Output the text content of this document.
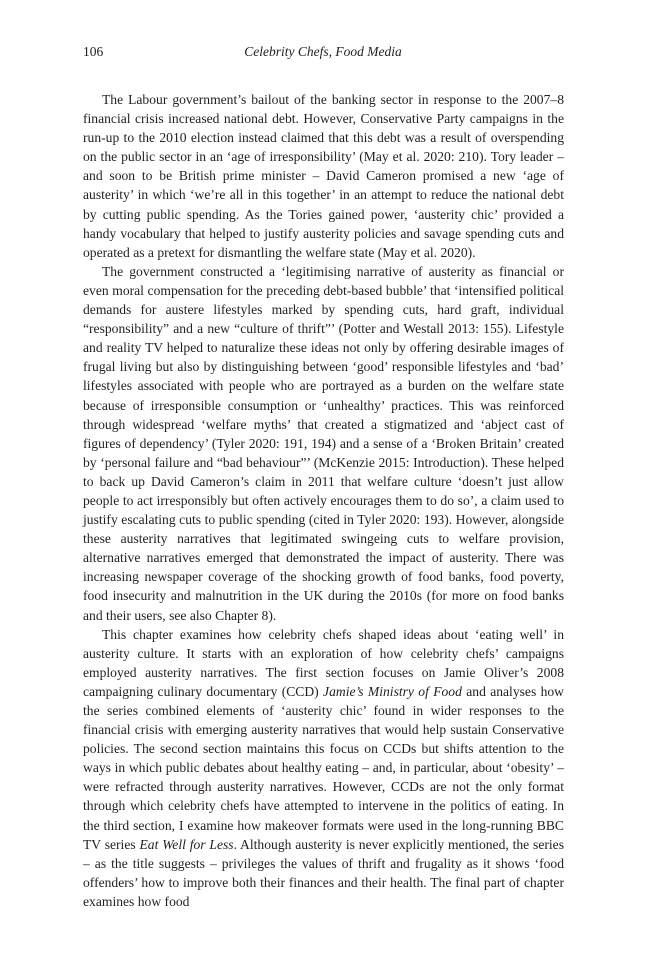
106	Celebrity Chefs, Food Media

The Labour government’s bailout of the banking sector in response to the 2007–8 financial crisis increased national debt. However, Conservative Party campaigns in the run-up to the 2010 election instead claimed that this debt was a result of overspending on the public sector in an ‘age of irresponsibility’ (May et al. 2020: 210). Tory leader – and soon to be British prime minister – David Cameron promised a new ‘age of austerity’ in which ‘we’re all in this together’ in an attempt to reduce the national debt by cutting public spending. As the Tories gained power, ‘austerity chic’ provided a handy vocabulary that helped to justify austerity policies and savage spending cuts and operated as a pretext for dismantling the welfare state (May et al. 2020).

The government constructed a ‘legitimising narrative of austerity as financial or even moral compensation for the preceding debt-based bubble’ that ‘intensified political demands for austere lifestyles marked by spending cuts, hard graft, individual “responsibility” and a new “culture of thrift”’ (Potter and Westall 2013: 155). Lifestyle and reality TV helped to naturalize these ideas not only by offering desirable images of frugal living but also by distinguishing between ‘good’ responsible lifestyles and ‘bad’ lifestyles associated with people who are portrayed as a burden on the welfare state because of irresponsible consumption or ‘unhealthy’ practices. This was reinforced through widespread ‘welfare myths’ that created a stigmatized and ‘abject cast of figures of dependency’ (Tyler 2020: 191, 194) and a sense of a ‘Broken Britain’ created by ‘personal failure and “bad behaviour”’ (McKenzie 2015: Introduction). These helped to back up David Cameron’s claim in 2011 that welfare culture ‘doesn’t just allow people to act irresponsibly but often actively encourages them to do so’, a claim used to justify escalating cuts to public spending (cited in Tyler 2020: 193). However, alongside these austerity narratives that legitimated swingeing cuts to welfare provision, alternative narratives emerged that demonstrated the impact of austerity. There was increasing newspaper coverage of the shocking growth of food banks, food poverty, food insecurity and malnutrition in the UK during the 2010s (for more on food banks and their users, see also Chapter 8).

This chapter examines how celebrity chefs shaped ideas about ‘eating well’ in austerity culture. It starts with an exploration of how celebrity chefs’ campaigns employed austerity narratives. The first section focuses on Jamie Oliver’s 2008 campaigning culinary documentary (CCD) Jamie’s Ministry of Food and analyses how the series combined elements of ‘austerity chic’ found in wider responses to the financial crisis with emerging austerity narratives that would help sustain Conservative policies. The second section maintains this focus on CCDs but shifts attention to the ways in which public debates about healthy eating – and, in particular, about ‘obesity’ – were refracted through austerity narratives. However, CCDs are not the only format through which celebrity chefs have attempted to intervene in the politics of eating. In the third section, I examine how makeover formats were used in the long-running BBC TV series Eat Well for Less. Although austerity is never explicitly mentioned, the series – as the title suggests – privileges the values of thrift and frugality as it shows ‘food offenders’ how to improve both their finances and their health. The final part of chapter examines how food
